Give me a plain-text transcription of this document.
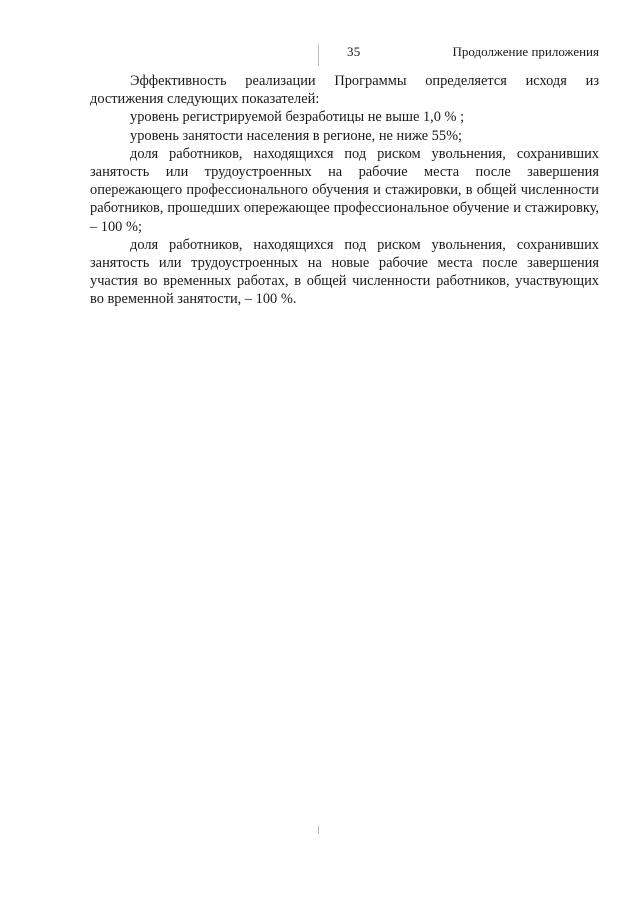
35	Продолжение приложения

Эффективность реализации Программы определяется исходя из достижения следующих показателей:

уровень регистрируемой безработицы не выше 1,0 % ;

уровень занятости населения в регионе, не ниже 55%;

доля работников, находящихся под риском увольнения, сохранивших занятость или трудоустроенных на рабочие места после завершения опережающего профессионального обучения и стажировки, в общей численности работников, прошедших опережающее профессиональное обучение и стажировку, – 100 %;

доля работников, находящихся под риском увольнения, сохранивших занятость или трудоустроенных на новые рабочие места после завершения участия во временных работах, в общей численности работников, участвующих во временной занятости, – 100 %.
